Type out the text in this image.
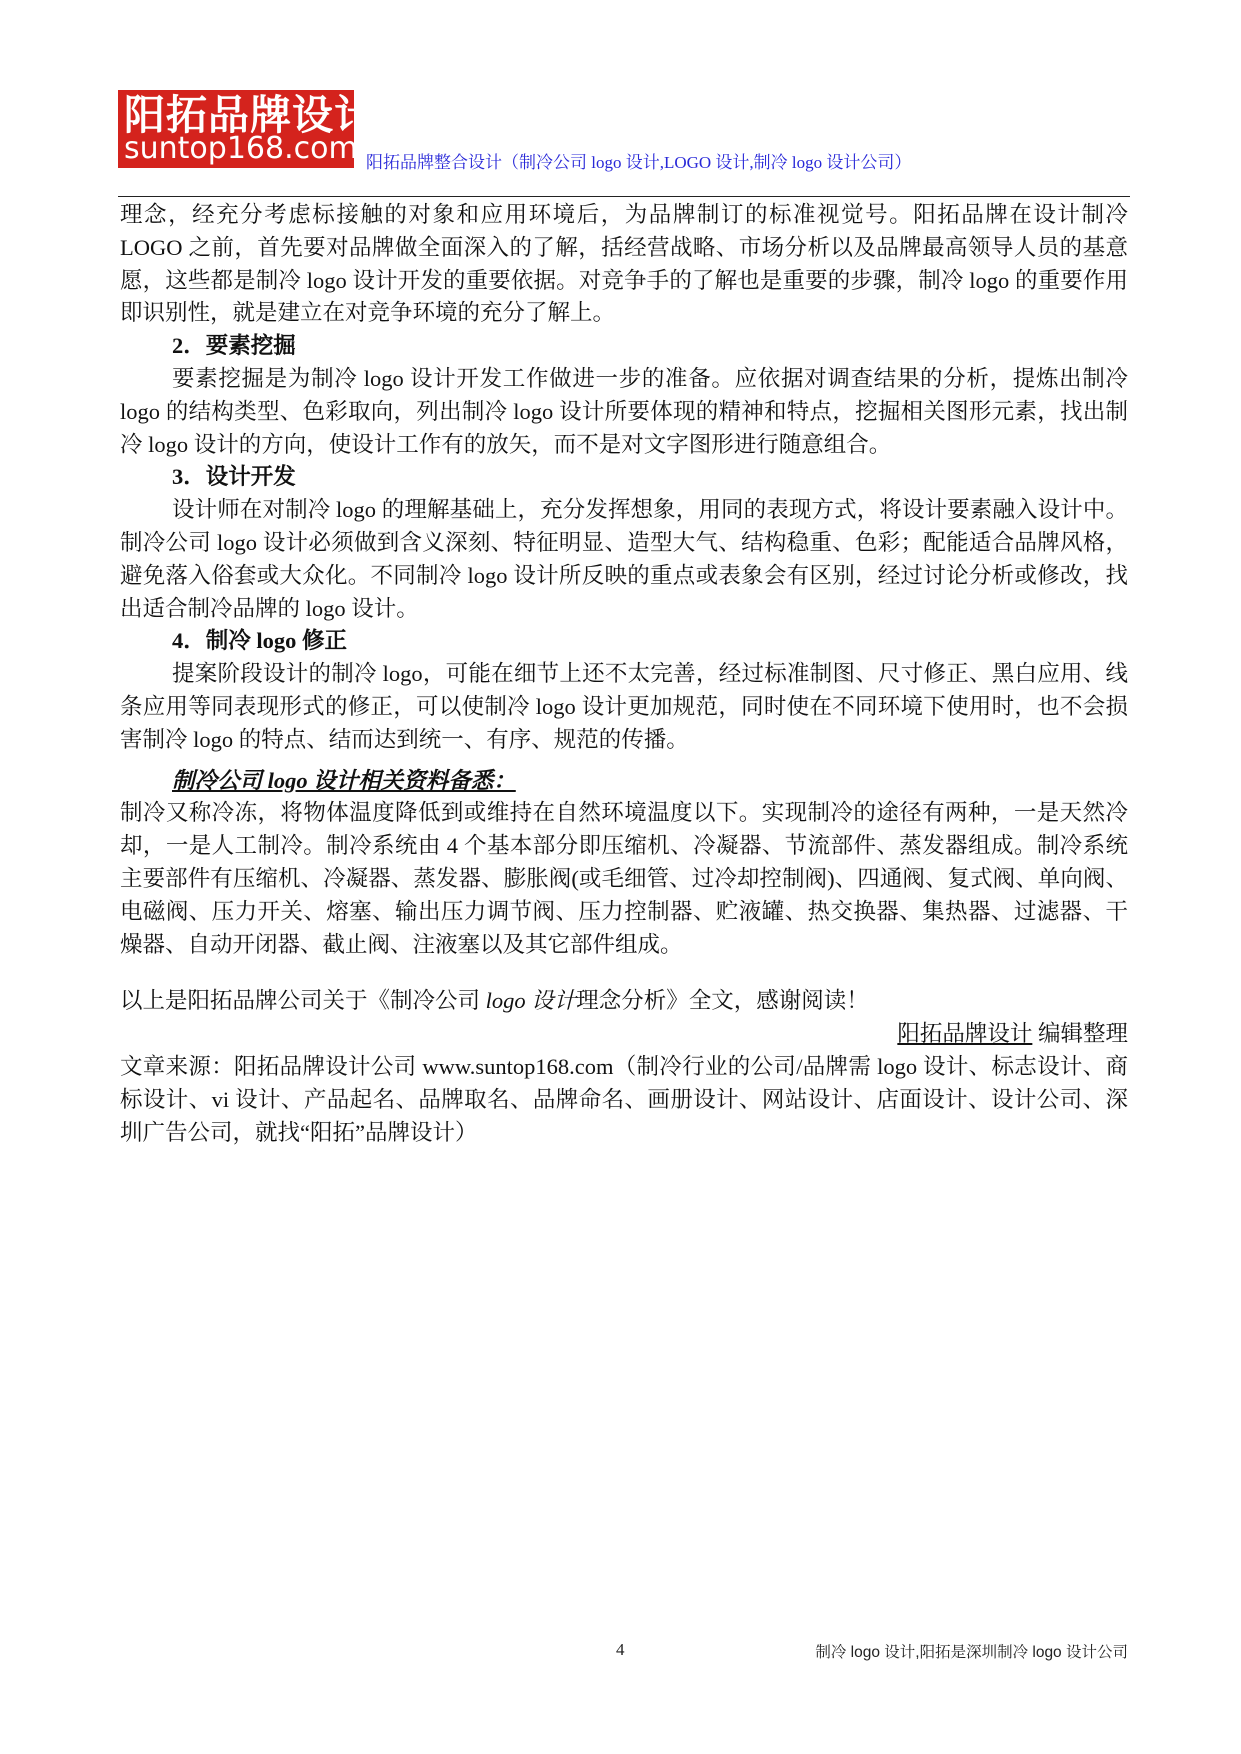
阳拓品牌设计
suntop168.com 阳拓品牌整合设计（制冷公司 logo 设计,LOGO 设计,制冷 logo 设计公司）
理念，经充分考虑标接触的对象和应用环境后，为品牌制订的标准视觉号。阳拓品牌在设计制冷 LOGO 之前，首先要对品牌做全面深入的了解，括经营战略、市场分析以及品牌最高领导人员的基意愿，这些都是制冷 logo 设计开发的重要依据。对竞争手的了解也是重要的步骤，制冷 logo 的重要作用即识别性，就是建立在对竞争环境的充分了解上。
2．要素挖掘
要素挖掘是为制冷 logo 设计开发工作做进一步的准备。应依据对调查结果的分析，提炼出制冷 logo 的结构类型、色彩取向，列出制冷 logo 设计所要体现的精神和特点，挖掘相关图形元素，找出制冷 logo 设计的方向，使设计工作有的放矢，而不是对文字图形进行随意组合。
3．设计开发
设计师在对制冷 logo 的理解基础上，充分发挥想象，用同的表现方式，将设计要素融入设计中。制冷公司 logo 设计必须做到含义深刻、特征明显、造型大气、结构稳重、色彩；配能适合品牌风格，避免落入俗套或大众化。不同制冷 logo 设计所反映的重点或表象会有区别，经过讨论分析或修改，找出适合制冷品牌的 logo 设计。
4．制冷 logo 修正
提案阶段设计的制冷 logo，可能在细节上还不太完善，经过标准制图、尺寸修正、黑白应用、线条应用等同表现形式的修正，可以使制冷 logo 设计更加规范，同时使在不同环境下使用时，也不会损害制冷 logo 的特点、结而达到统一、有序、规范的传播。
制冷公司 logo 设计相关资料备悉：
制冷又称冷冻，将物体温度降低到或维持在自然环境温度以下。实现制冷的途径有两种，一是天然冷却，一是人工制冷。制冷系统由 4 个基本部分即压缩机、冷凝器、节流部件、蒸发器组成。制冷系统主要部件有压缩机、冷凝器、蒸发器、膨胀阀(或毛细管、过冷却控制阀)、四通阀、复式阀、单向阀、电磁阀、压力开关、熔塞、输出压力调节阀、压力控制器、贮液罐、热交换器、集热器、过滤器、干燥器、自动开闭器、截止阀、注液塞以及其它部件组成。
以上是阳拓品牌公司关于《制冷公司 logo 设计理念分析》全文，感谢阅读！
阳拓品牌设计 编辑整理
文章来源：阳拓品牌设计公司 www.suntop168.com（制冷行业的公司/品牌需 logo 设计、标志设计、商标设计、vi 设计、产品起名、品牌取名、品牌命名、画册设计、网站设计、店面设计、设计公司、深圳广告公司，就找“阳拓”品牌设计）
4	制冷 logo 设计,阳拓是深圳制冷 logo 设计公司
